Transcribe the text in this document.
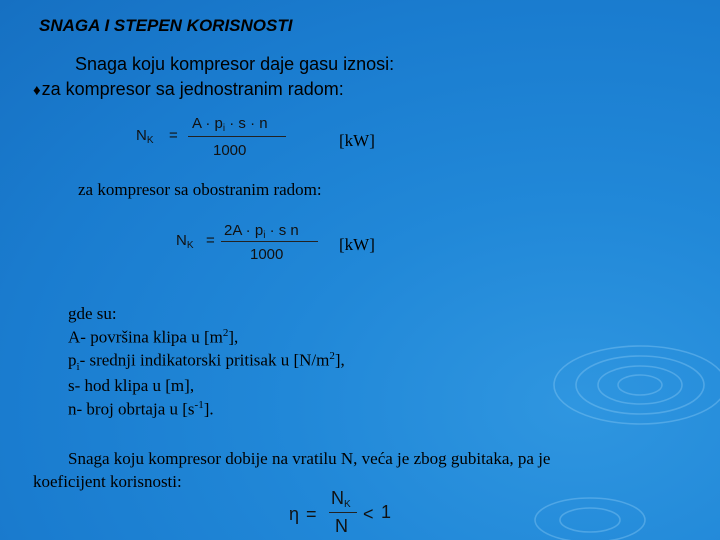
SNAGA I STEPEN KORISNOSTI
Snaga koju kompresor daje gasu iznosi:
♦za kompresor sa jednostranim radom:
$N_K$ =
$A \cdot p_i \cdot s \cdot n$
1000
[kW]
za kompresor sa obostranim radom:
$N_K$ =
$2A \cdot p_i \cdot s$ n
1000
[kW]
gde su:
A- površina klipa u $[m^2]$,
$p_i-$ srednji indikatorski pritisak u $[N/m^2]$,
s- hod klipa u [m],
n- broj obrtaja u $[s^{-1}]$.
Snaga koju kompresor dobije na vratilu N, veća je zbog gubitaka, pa je
koeficijent korisnosti:
η =
$N_K$
N
< 1
